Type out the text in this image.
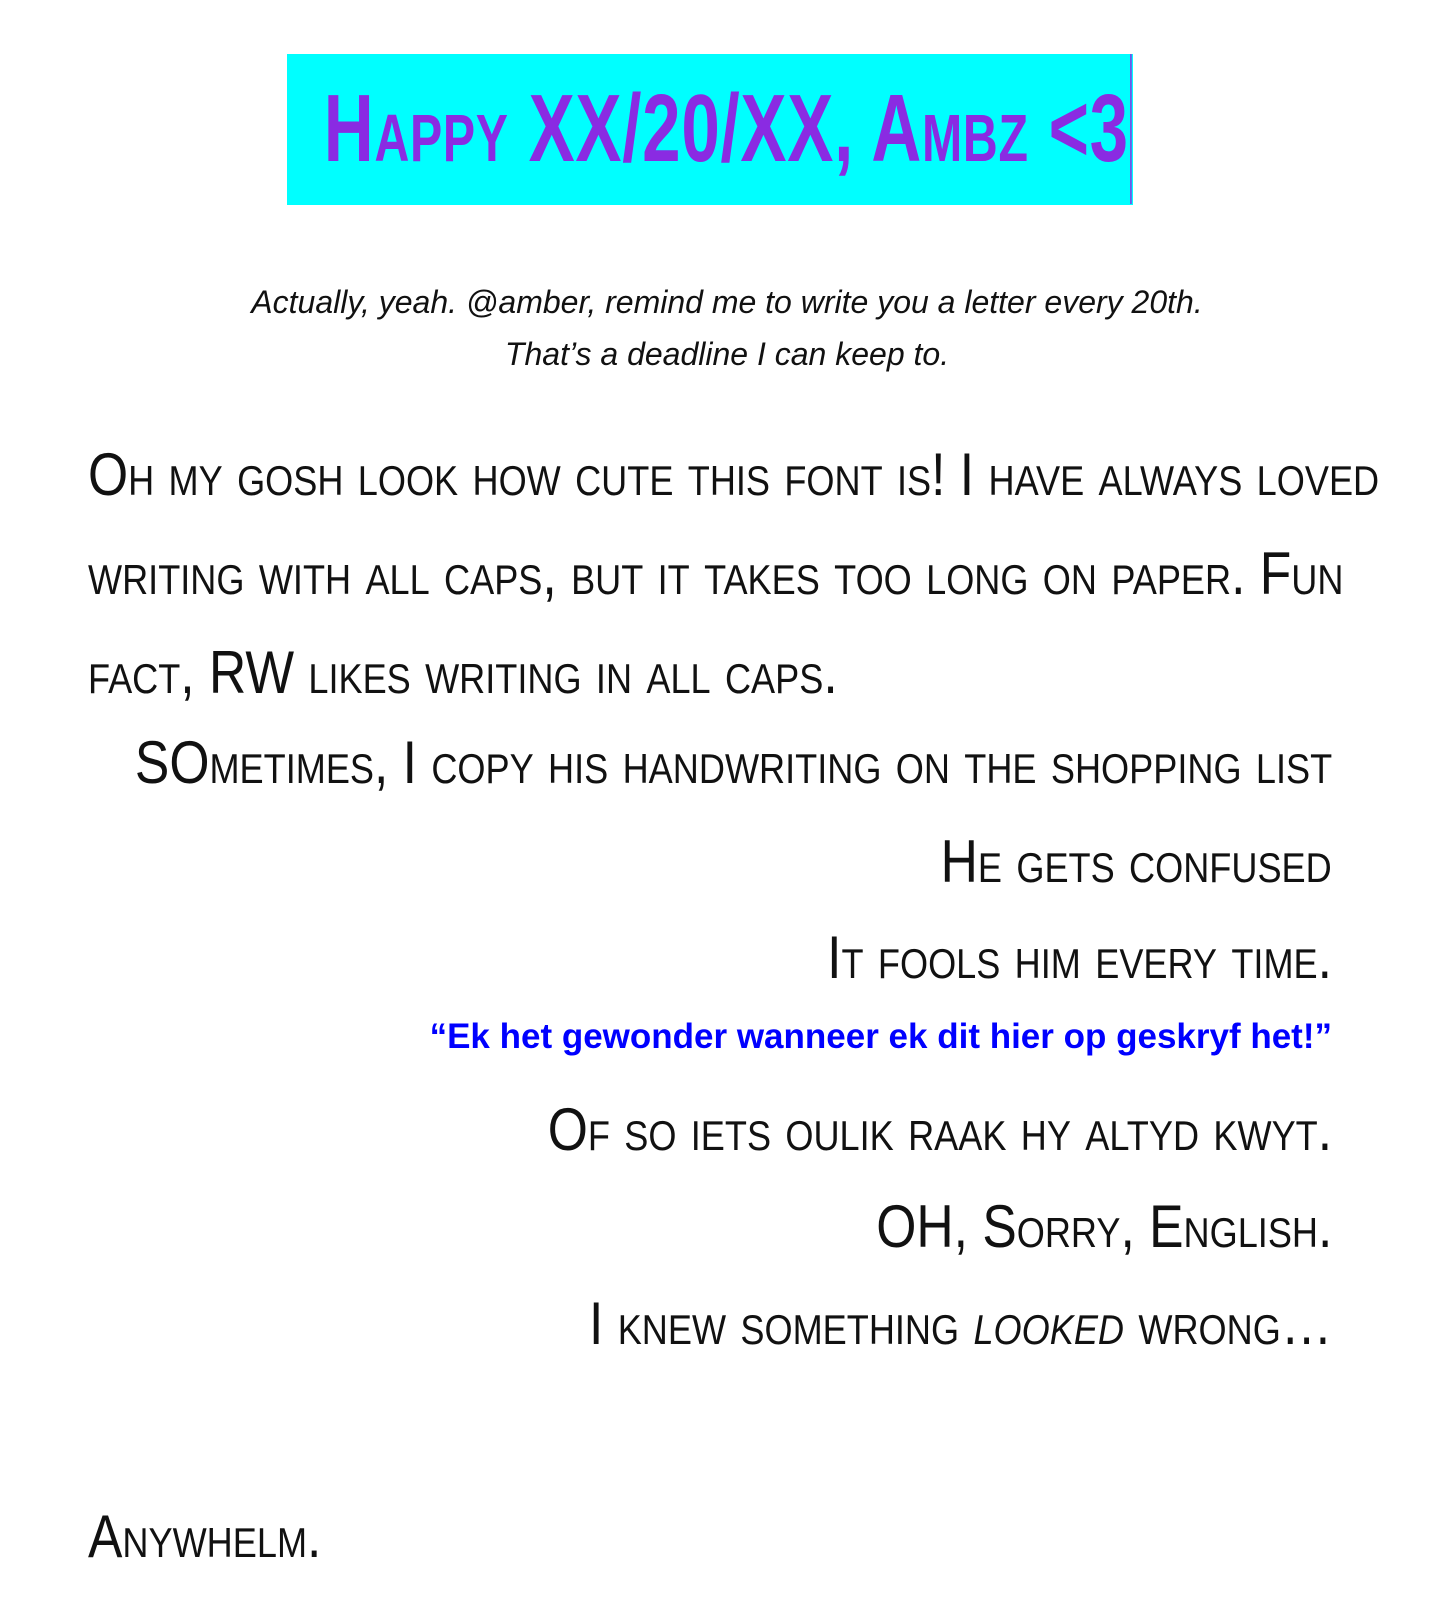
Happy XX/20/XX, Ambz <3
Actually, yeah. @amber, remind me to write you a letter every 20th.
That’s a deadline I can keep to.
Oh my gosh look how cute this font is! I have always loved
writing with all caps, but it takes too long on paper. Fun
fact, RW likes writing in all caps.
SOmetimes, I copy his handwriting on the shopping list
He gets confused
It fools him every time.
“Ek het gewonder wanneer ek dit hier op geskryf het!”
Of so iets oulik raak hy altyd kwyt.
OH, Sorry, English.
I knew something looked wrong…
Anywhelm.
